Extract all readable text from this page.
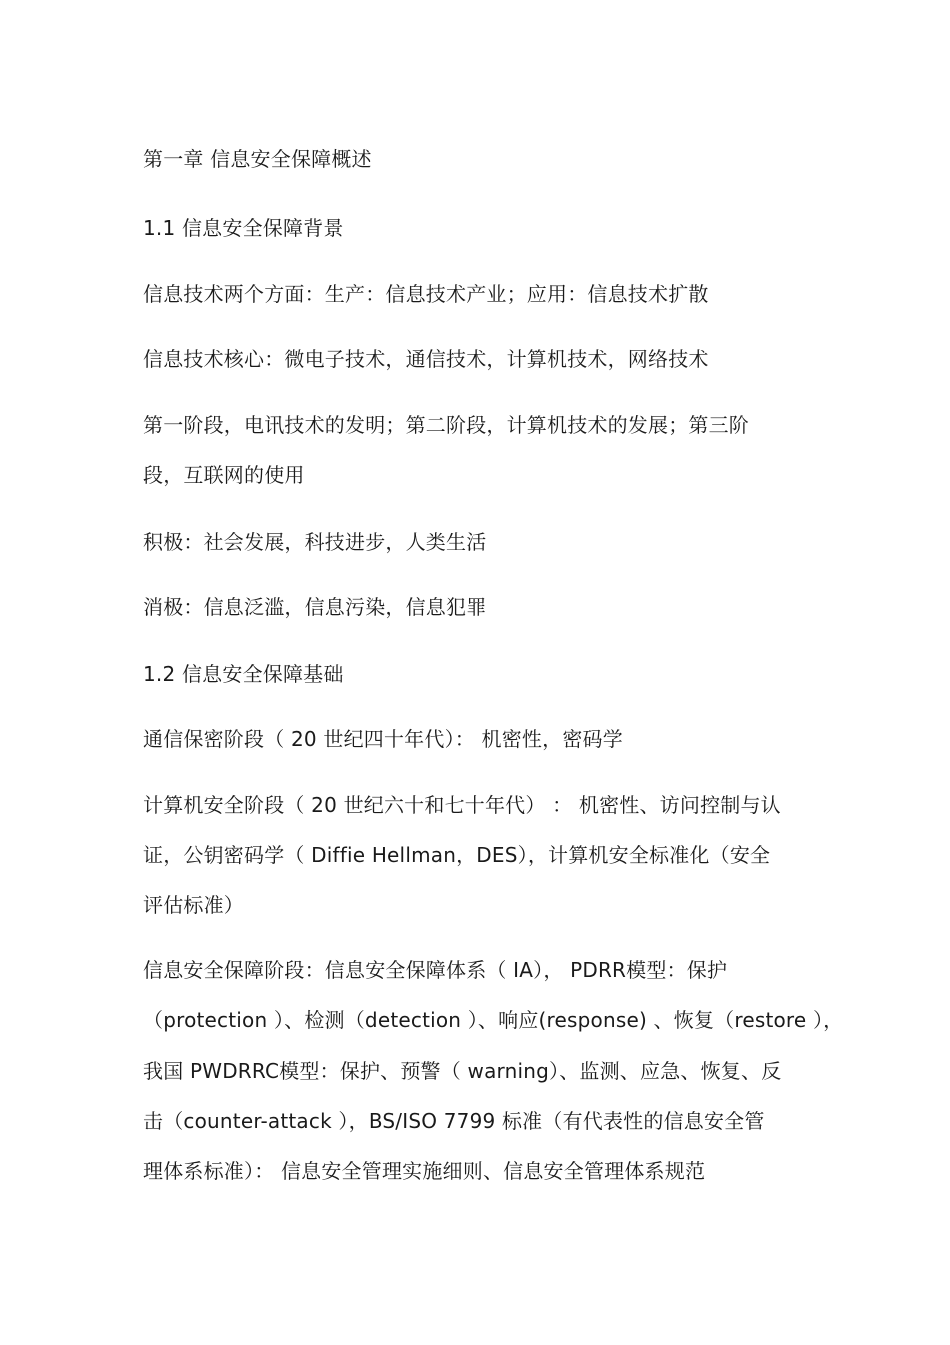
第一章 信息安全保障概述
1.1 信息安全保障背景
信息技术两个方面：生产：信息技术产业；应用：信息技术扩散
信息技术核心：微电子技术，通信技术，计算机技术，网络技术
第一阶段，电讯技术的发明；第二阶段，计算机技术的发展；第三阶
段，互联网的使用
积极：社会发展，科技进步，人类生活
消极：信息泛滥，信息污染，信息犯罪
1.2 信息安全保障基础
通信保密阶段（ 20 世纪四十年代）： 机密性，密码学
计算机安全阶段（ 20 世纪六十和七十年代） ： 机密性、访问控制与认
证，公钥密码学（ Diffie Hellman，DES），计算机安全标准化（安全
评估标准）
信息安全保障阶段：信息安全保障体系（ IA）， PDRR模型：保护
（protection ）、检测（detection ）、响应(response) 、恢复（restore ），
我国 PWDRRC模型：保护、预警（ warning）、监测、应急、恢复、反
击（counter-attack ），BS/ISO 7799 标准（有代表性的信息安全管
理体系标准）： 信息安全管理实施细则、信息安全管理体系规范
